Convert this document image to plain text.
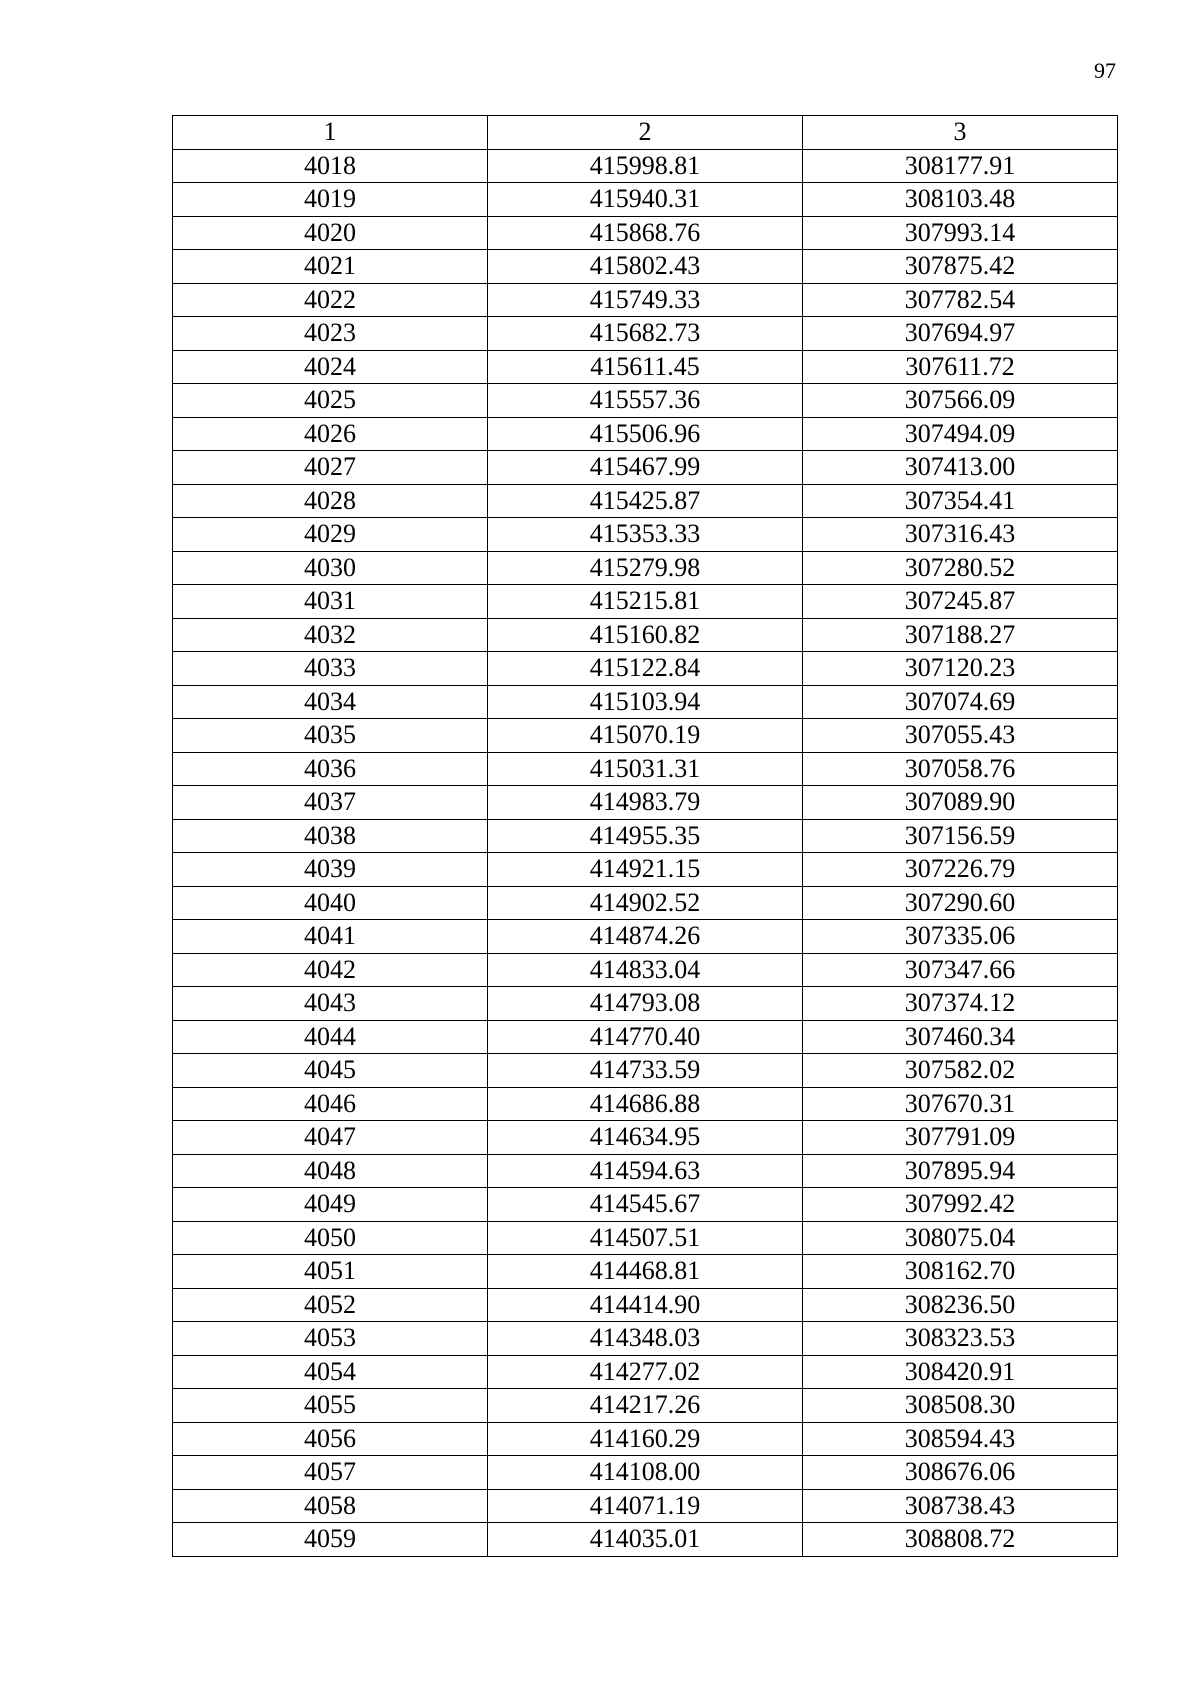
97
1	2	3
4018	415998.81	308177.91
4019	415940.31	308103.48
4020	415868.76	307993.14
4021	415802.43	307875.42
4022	415749.33	307782.54
4023	415682.73	307694.97
4024	415611.45	307611.72
4025	415557.36	307566.09
4026	415506.96	307494.09
4027	415467.99	307413.00
4028	415425.87	307354.41
4029	415353.33	307316.43
4030	415279.98	307280.52
4031	415215.81	307245.87
4032	415160.82	307188.27
4033	415122.84	307120.23
4034	415103.94	307074.69
4035	415070.19	307055.43
4036	415031.31	307058.76
4037	414983.79	307089.90
4038	414955.35	307156.59
4039	414921.15	307226.79
4040	414902.52	307290.60
4041	414874.26	307335.06
4042	414833.04	307347.66
4043	414793.08	307374.12
4044	414770.40	307460.34
4045	414733.59	307582.02
4046	414686.88	307670.31
4047	414634.95	307791.09
4048	414594.63	307895.94
4049	414545.67	307992.42
4050	414507.51	308075.04
4051	414468.81	308162.70
4052	414414.90	308236.50
4053	414348.03	308323.53
4054	414277.02	308420.91
4055	414217.26	308508.30
4056	414160.29	308594.43
4057	414108.00	308676.06
4058	414071.19	308738.43
4059	414035.01	308808.72
